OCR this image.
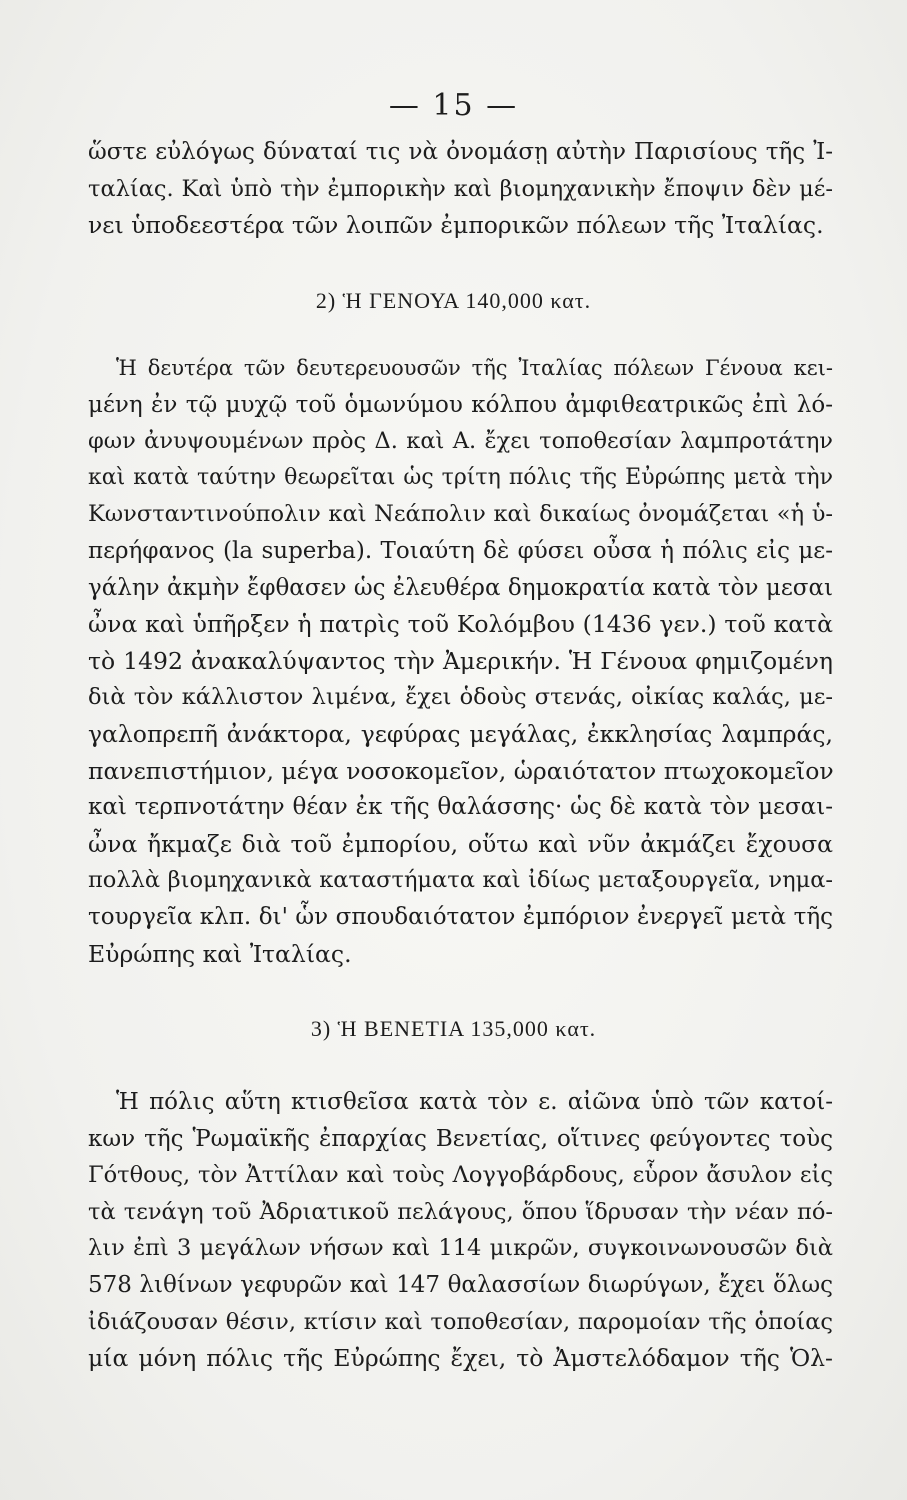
— 15 —
ὥστε εὐλόγως δύναταί τις νὰ ὀνομάσῃ αὐτὴν Παρισίους τῆς Ἰ-
ταλίας. Καὶ ὑπὸ τὴν ἐμπορικὴν καὶ βιομηχανικὴν ἔποψιν δὲν μέ-
νει ὑποδεεστέρα τῶν λοιπῶν ἐμπορικῶν πόλεων τῆς Ἰταλίας.
2) Ἡ ΓΕΝΟΥΑ 140,000 κατ.
Ἡ δευτέρα τῶν δευτερευουσῶν τῆς Ἰταλίας πόλεων Γένουα κει-
μένη ἐν τῷ μυχῷ τοῦ ὁμωνύμου κόλπου ἀμφιθεατρικῶς ἐπὶ λό-
φων ἀνυψουμένων πρὸς Δ. καὶ Α. ἔχει τοποθεσίαν λαμπροτάτην
καὶ κατὰ ταύτην θεωρεῖται ὡς τρίτη πόλις τῆς Εὐρώπης μετὰ τὴν
Κωνσταντινούπολιν καὶ Νεάπολιν καὶ δικαίως ὀνομάζεται «ἡ ὑ-
περήφανος (la superba). Τοιαύτη δὲ φύσει οὖσα ἡ πόλις εἰς με-
γάλην ἀκμὴν ἔφθασεν ὡς ἐλευθέρα δημοκρατία κατὰ τὸν μεσαι
ὦνα καὶ ὑπῆρξεν ἡ πατρὶς τοῦ Κολόμβου (1436 γεν.) τοῦ κατὰ
τὸ 1492 ἀνακαλύψαντος τὴν Ἀμερικήν. Ἡ Γένουα φημιζομένη
διὰ τὸν κάλλιστον λιμένα, ἔχει ὁδοὺς στενάς, οἰκίας καλάς, με-
γαλοπρεπῆ ἀνάκτορα, γεφύρας μεγάλας, ἐκκλησίας λαμπράς,
πανεπιστήμιον, μέγα νοσοκομεῖον, ὡραιότατον πτωχοκομεῖον
καὶ τερπνοτάτην θέαν ἐκ τῆς θαλάσσης· ὡς δὲ κατὰ τὸν μεσαι-
ὦνα ἤκμαζε διὰ τοῦ ἐμπορίου, οὕτω καὶ νῦν ἀκμάζει ἔχουσα
πολλὰ βιομηχανικὰ καταστήματα καὶ ἰδίως μεταξουργεῖα, νημα-
τουργεῖα κλπ. δι' ὧν σπουδαιότατον ἐμπόριον ἐνεργεῖ μετὰ τῆς
Εὐρώπης καὶ Ἰταλίας.
3) Ἡ ΒΕΝΕΤΙΑ 135,000 κατ.
Ἡ πόλις αὕτη κτισθεῖσα κατὰ τὸν ε. αἰῶνα ὑπὸ τῶν κατοί-
κων τῆς Ῥωμαϊκῆς ἐπαρχίας Βενετίας, οἵτινες φεύγοντες τοὺς
Γότθους, τὸν Ἀττίλαν καὶ τοὺς Λογγοβάρδους, εὗρον ἄσυλον εἰς
τὰ τενάγη τοῦ Ἀδριατικοῦ πελάγους, ὅπου ἵδρυσαν τὴν νέαν πό-
λιν ἐπὶ 3 μεγάλων νήσων καὶ 114 μικρῶν, συγκοινωνουσῶν διὰ
578 λιθίνων γεφυρῶν καὶ 147 θαλασσίων διωρύγων, ἔχει ὅλως
ἰδιάζουσαν θέσιν, κτίσιν καὶ τοποθεσίαν, παρομοίαν τῆς ὁποίας
μία μόνη πόλις τῆς Εὐρώπης ἔχει, τὸ Ἀμστελόδαμον τῆς Ὁλ-
